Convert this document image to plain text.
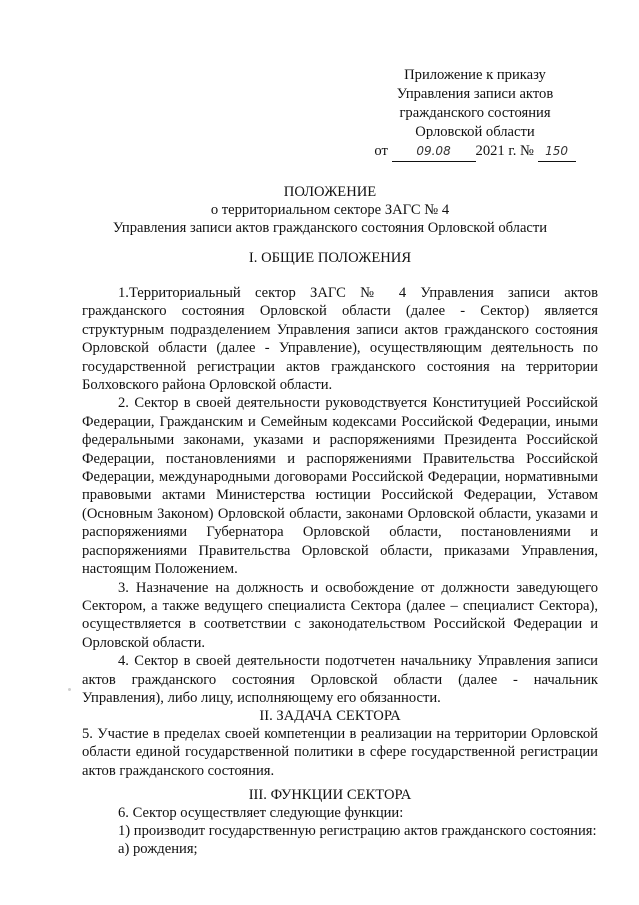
Приложение к приказу
Управления записи актов
гражданского состояния
Орловской области
от 09.08 2021 г. № 150
ПОЛОЖЕНИЕ
о территориальном секторе ЗАГС № 4
Управления записи актов гражданского состояния Орловской области
I. ОБЩИЕ ПОЛОЖЕНИЯ

1.Территориальный сектор ЗАГС № 4 Управления записи актов гражданского состояния Орловской области (далее - Сектор) является структурным подразделением Управления записи актов гражданского состояния Орловской области (далее - Управление), осуществляющим деятельность по государственной регистрации актов гражданского состояния на территории Болховского района Орловской области.

2. Сектор в своей деятельности руководствуется Конституцией Российской Федерации, Гражданским и Семейным кодексами Российской Федерации, иными федеральными законами, указами и распоряжениями Президента Российской Федерации, постановлениями и распоряжениями Правительства Российской Федерации, международными договорами Российской Федерации, нормативными правовыми актами Министерства юстиции Российской Федерации, Уставом (Основным Законом) Орловской области, законами Орловской области, указами и распоряжениями Губернатора Орловской области, постановлениями и распоряжениями Правительства Орловской области, приказами Управления, настоящим Положением.

3. Назначение на должность и освобождение от должности заведующего Сектором, а также ведущего специалиста Сектора (далее – специалист Сектора), осуществляется в соответствии с законодательством Российской Федерации и Орловской области.

4. Сектор в своей деятельности подотчетен начальнику Управления записи актов гражданского состояния Орловской области (далее - начальник Управления), либо лицу, исполняющему его обязанности.

II. ЗАДАЧА СЕКТОРА

5. Участие в пределах своей компетенции в реализации на территории Орловской области единой государственной политики в сфере государственной регистрации актов гражданского состояния.

III. ФУНКЦИИ СЕКТОРА
6. Сектор осуществляет следующие функции:
1) производит государственную регистрацию актов гражданского состояния:
а) рождения;
